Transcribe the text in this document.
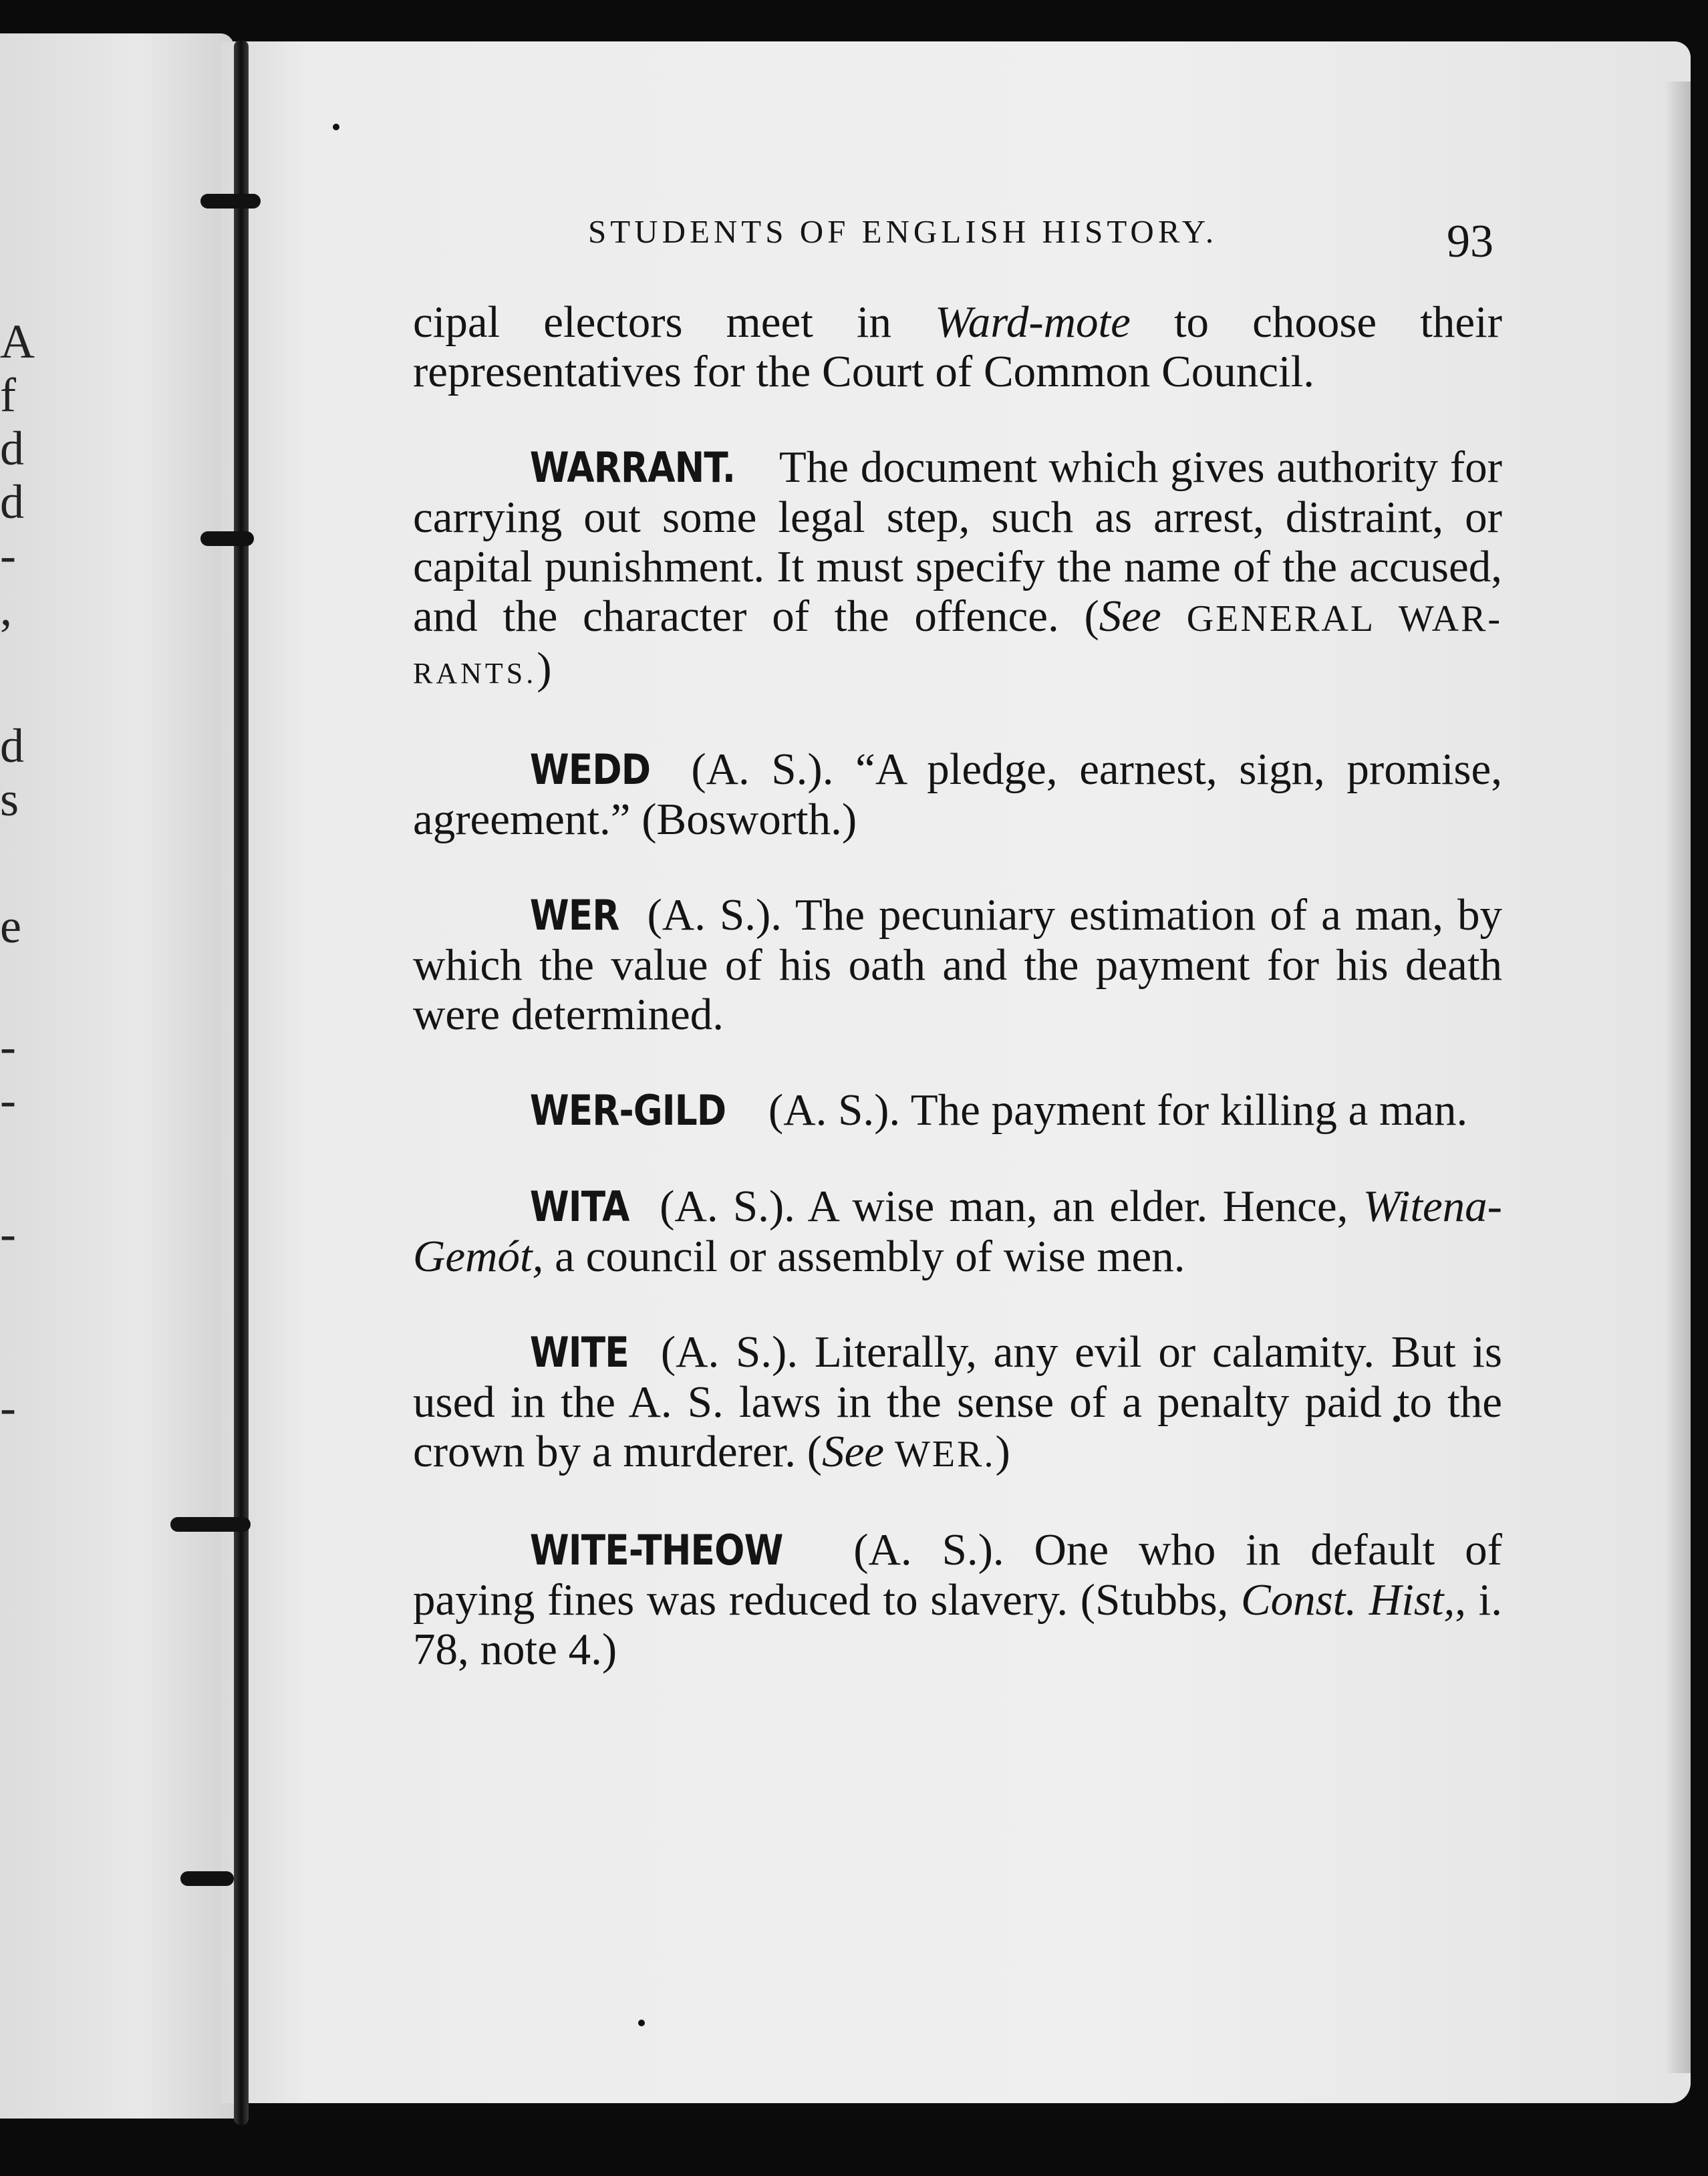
A
f
d
d
-
,
d
s
e
-
-
-
-
STUDENTS OF ENGLISH HISTORY.	93

cipal electors meet in Ward-mote to choose their representatives for the Court of Common Council.

WARRANT. The document which gives authority for carrying out some legal step, such as arrest, distraint, or capital punishment. It must specify the name of the accused, and the character of the offence. (See GENERAL WAR- RANTS.)

WEDD (A. S.). “A pledge, earnest, sign, promise, agreement.” (Bosworth.)

WER (A. S.). The pecuniary estimation of a man, by which the value of his oath and the payment for his death were determined.

WER-GILD (A. S.). The payment for killing a man.

WITA (A. S.). A wise man, an elder. Hence, Witena-Gemót, a council or assembly of wise men.

WITE (A. S.). Literally, any evil or calamity. But is used in the A. S. laws in the sense of a penalty paid to the crown by a murderer. (See WER.)

WITE-THEOW (A. S.). One who in default of paying fines was reduced to slavery. (Stubbs, Const. Hist,, i. 78, note 4.)
